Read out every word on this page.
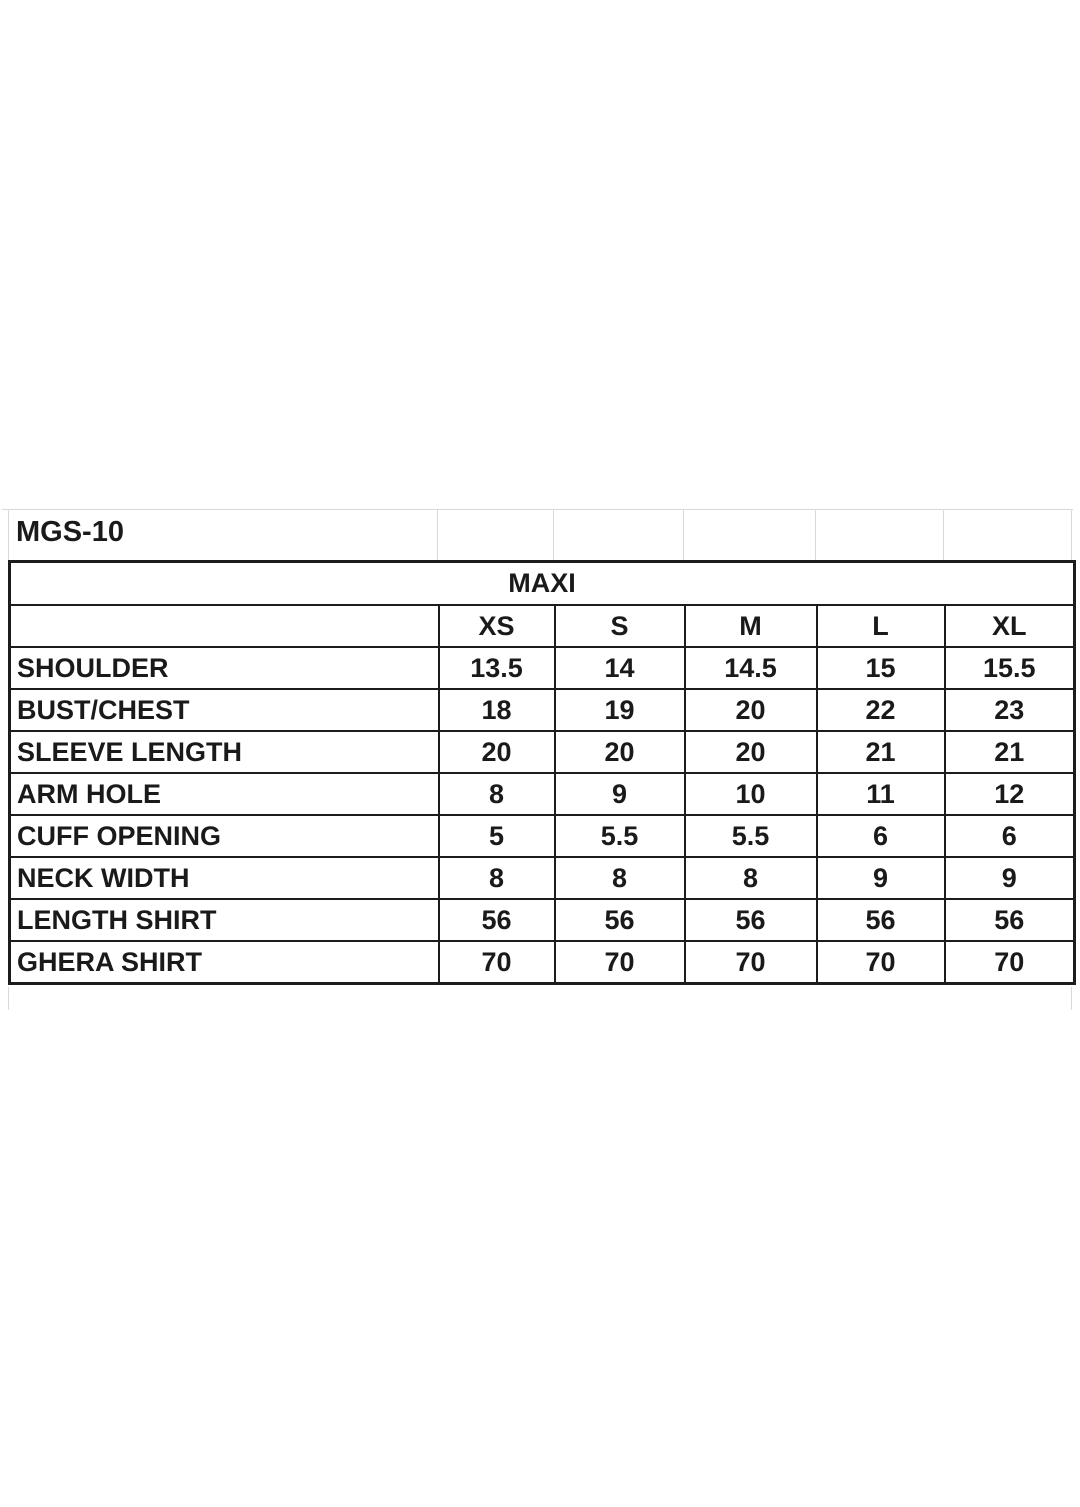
MGS-10
MAXI					
	XS	S	M	L	XL
SHOULDER	13.5	14	14.5	15	15.5
BUST/CHEST	18	19	20	22	23
SLEEVE LENGTH	20	20	20	21	21
ARM HOLE	8	9	10	11	12
CUFF OPENING	5	5.5	5.5	6	6
NECK WIDTH	8	8	8	9	9
LENGTH SHIRT	56	56	56	56	56
GHERA SHIRT	70	70	70	70	70
